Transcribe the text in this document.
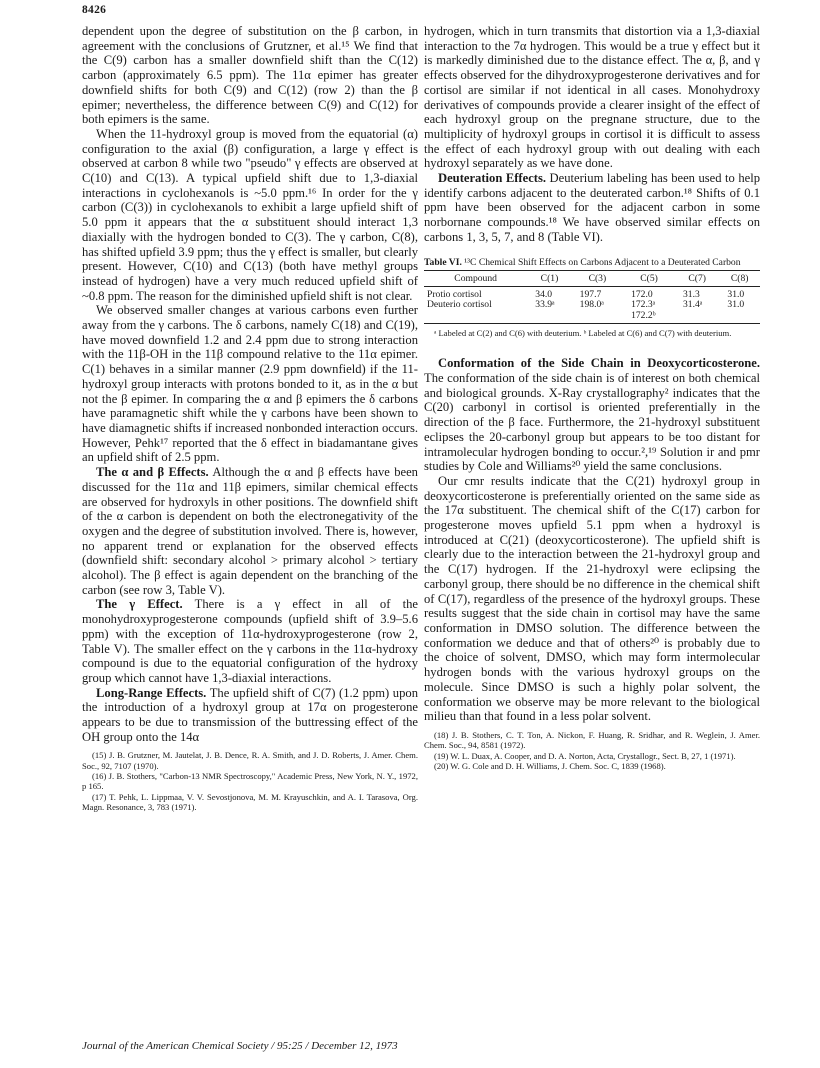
8426

dependent upon the degree of substitution on the β carbon, in agreement with the conclusions of Grutzner, et al.¹⁵ We find that the C(9) carbon has a smaller downfield shift than the C(12) carbon (approximately 6.5 ppm). The 11α epimer has greater downfield shifts for both C(9) and C(12) (row 2) than the β epimer; nevertheless, the difference between C(9) and C(12) for both epimers is the same.

When the 11-hydroxyl group is moved from the equatorial (α) configuration to the axial (β) configuration, a large γ effect is observed at carbon 8 while two "pseudo" γ effects are observed at C(10) and C(13). A typical upfield shift due to 1,3-diaxial interactions in cyclohexanols is ~5.0 ppm.¹⁶ In order for the γ carbon (C(3)) in cyclohexanols to exhibit a large upfield shift of 5.0 ppm it appears that the α substituent should interact 1,3 diaxially with the hydrogen bonded to C(3). The γ carbon, C(8), has shifted upfield 3.9 ppm; thus the γ effect is smaller, but clearly present. However, C(10) and C(13) (both have methyl groups instead of hydrogen) have a very much reduced upfield shift of ~0.8 ppm. The reason for the diminished upfield shift is not clear.

We observed smaller changes at various carbons even further away from the γ carbons. The δ carbons, namely C(18) and C(19), have moved downfield 1.2 and 2.4 ppm due to strong interaction with the 11β-OH in the 11β compound relative to the 11α epimer. C(1) behaves in a similar manner (2.9 ppm downfield) if the 11-hydroxyl group interacts with protons bonded to it, as in the α but not the β epimer. In comparing the α and β epimers the δ carbons have paramagnetic shift while the γ carbons have been shown to have diamagnetic shifts if increased nonbonded interaction occurs. However, Pehk¹⁷ reported that the δ effect in biadamantane gives an upfield shift of 2.5 ppm.

The α and β Effects. Although the α and β effects have been discussed for the 11α and 11β epimers, similar chemical effects are observed for hydroxyls in other positions. The downfield shift of the α carbon is dependent on both the electronegativity of the oxygen and the degree of substitution involved. There is, however, no apparent trend or explanation for the observed effects (downfield shift: secondary alcohol > primary alcohol > tertiary alcohol). The β effect is again dependent on the branching of the carbon (see row 3, Table V).

The γ Effect. There is a γ effect in all of the monohydroxyprogesterone compounds (upfield shift of 3.9–5.6 ppm) with the exception of 11α-hydroxyprogesterone (row 2, Table V). The smaller effect on the γ carbons in the 11α-hydroxy compound is due to the equatorial configuration of the hydroxy group which cannot have 1,3-diaxial interactions.

Long-Range Effects. The upfield shift of C(7) (1.2 ppm) upon the introduction of a hydroxyl group at 17α on progesterone appears to be due to transmission of the buttressing effect of the OH group onto the 14α

(15) J. B. Grutzner, M. Jautelat, J. B. Dence, R. A. Smith, and J. D. Roberts, J. Amer. Chem. Soc., 92, 7107 (1970).
(16) J. B. Stothers, "Carbon-13 NMR Spectroscopy," Academic Press, New York, N. Y., 1972, p 165.
(17) T. Pehk, L. Lippmaa, V. V. Sevostjonova, M. M. Krayuschkin, and A. I. Tarasova, Org. Magn. Resonance, 3, 783 (1971).

hydrogen, which in turn transmits that distortion via a 1,3-diaxial interaction to the 7α hydrogen. This would be a true γ effect but it is markedly diminished due to the distance effect. The α, β, and γ effects observed for the dihydroxyprogesterone derivatives and for cortisol are similar if not identical in all cases. Monohydroxy derivatives of compounds provide a clearer insight of the effect of each hydroxyl group on the pregnane structure, due to the multiplicity of hydroxyl groups in cortisol it is difficult to assess the effect of each hydroxyl group with out dealing with each hydroxyl separately as we have done.

Deuteration Effects. Deuterium labeling has been used to help identify carbons adjacent to the deuterated carbon.¹⁸ Shifts of 0.1 ppm have been observed for the adjacent carbon in some norbornane compounds.¹⁸ We have observed similar effects on carbons 1, 3, 5, 7, and 8 (Table VI).

Table VI. ¹³C Chemical Shift Effects on Carbons Adjacent to a Deuterated Carbon
Compound	C(1)	C(3)	C(5)	C(7)	C(8)
Protio cortisol	34.0	197.7	172.0	31.3	31.0
Deuterio cortisol	33.9ᵃ	198.0ᵃ	172.3ᵃ	31.4ᵃ	31.0
			172.2ᵇ		
ᵃ Labeled at C(2) and C(6) with deuterium. ᵇ Labeled at C(6) and C(7) with deuterium.

Conformation of the Side Chain in Deoxycorticosterone. The conformation of the side chain is of interest on both chemical and biological grounds. X-Ray crystallography² indicates that the C(20) carbonyl in cortisol is oriented preferentially in the direction of the β face. Furthermore, the 21-hydroxyl substituent eclipses the 20-carbonyl group but appears to be too distant for intramolecular hydrogen bonding to occur.²,¹⁹ Solution ir and pmr studies by Cole and Williams²⁰ yield the same conclusions.

Our cmr results indicate that the C(21) hydroxyl group in deoxycorticosterone is preferentially oriented on the same side as the 17α substituent. The chemical shift of the C(17) carbon for progesterone moves upfield 5.1 ppm when a hydroxyl is introduced at C(21) (deoxycorticosterone). The upfield shift is clearly due to the interaction between the 21-hydroxyl group and the C(17) hydrogen. If the 21-hydroxyl were eclipsing the carbonyl group, there should be no difference in the chemical shift of C(17), regardless of the presence of the hydroxyl groups. These results suggest that the side chain in cortisol may have the same conformation in DMSO solution. The difference between the conformation we deduce and that of others²⁰ is probably due to the choice of solvent, DMSO, which may form intermolecular hydrogen bonds with the various hydroxyl groups on the molecule. Since DMSO is such a highly polar solvent, the conformation we observe may be more relevant to the biological milieu than that found in a less polar solvent.

(18) J. B. Stothers, C. T. Ton, A. Nickon, F. Huang, R. Sridhar, and R. Weglein, J. Amer. Chem. Soc., 94, 8581 (1972).
(19) W. L. Duax, A. Cooper, and D. A. Norton, Acta, Crystallogr., Sect. B, 27, 1 (1971).
(20) W. G. Cole and D. H. Williams, J. Chem. Soc. C, 1839 (1968).
Journal of the American Chemical Society / 95:25 / December 12, 1973
